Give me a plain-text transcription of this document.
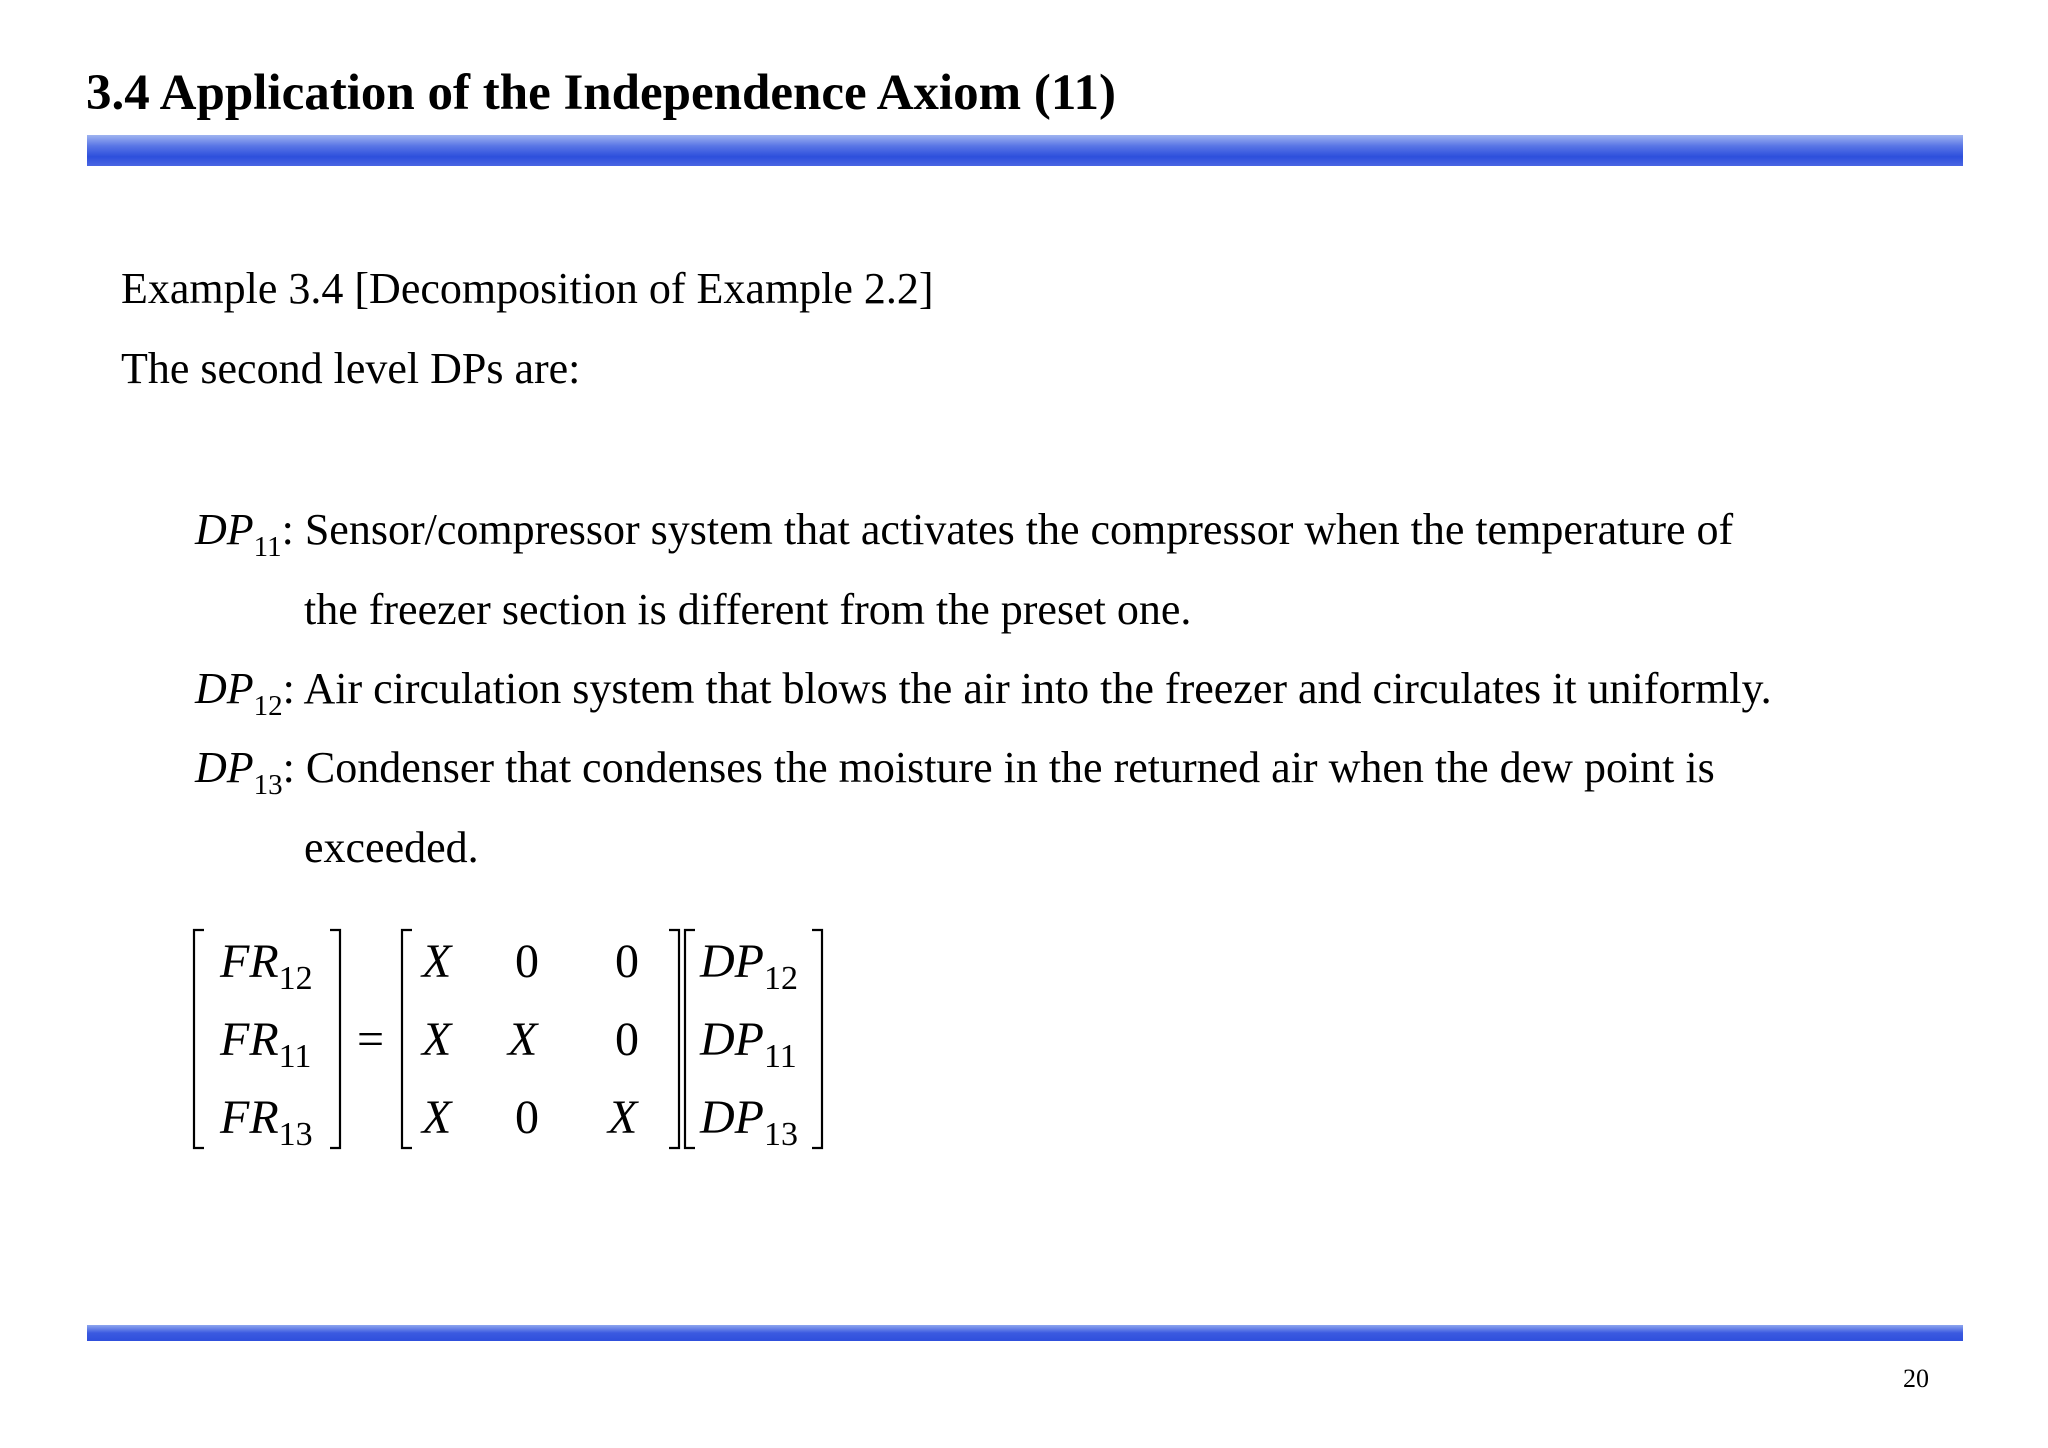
3.4 Application of the Independence Axiom (11)
Example 3.4 [Decomposition of Example 2.2]
The second level DPs are:
$DP_{11}$: Sensor/compressor system that activates the compressor when the temperature of
the freezer section is different from the preset one.
$DP_{12}$: Air circulation system that blows the air into the freezer and circulates it uniformly.
$DP_{13}$: Condenser that condenses the moisture in the returned air when the dew point is
exceeded.
$FR_{12}$
$FR_{11}$
$FR_{13}$
=
X 0 0
X X 0
X 0 X
$DP_{12}$
$DP_{11}$
$DP_{13}$
20
